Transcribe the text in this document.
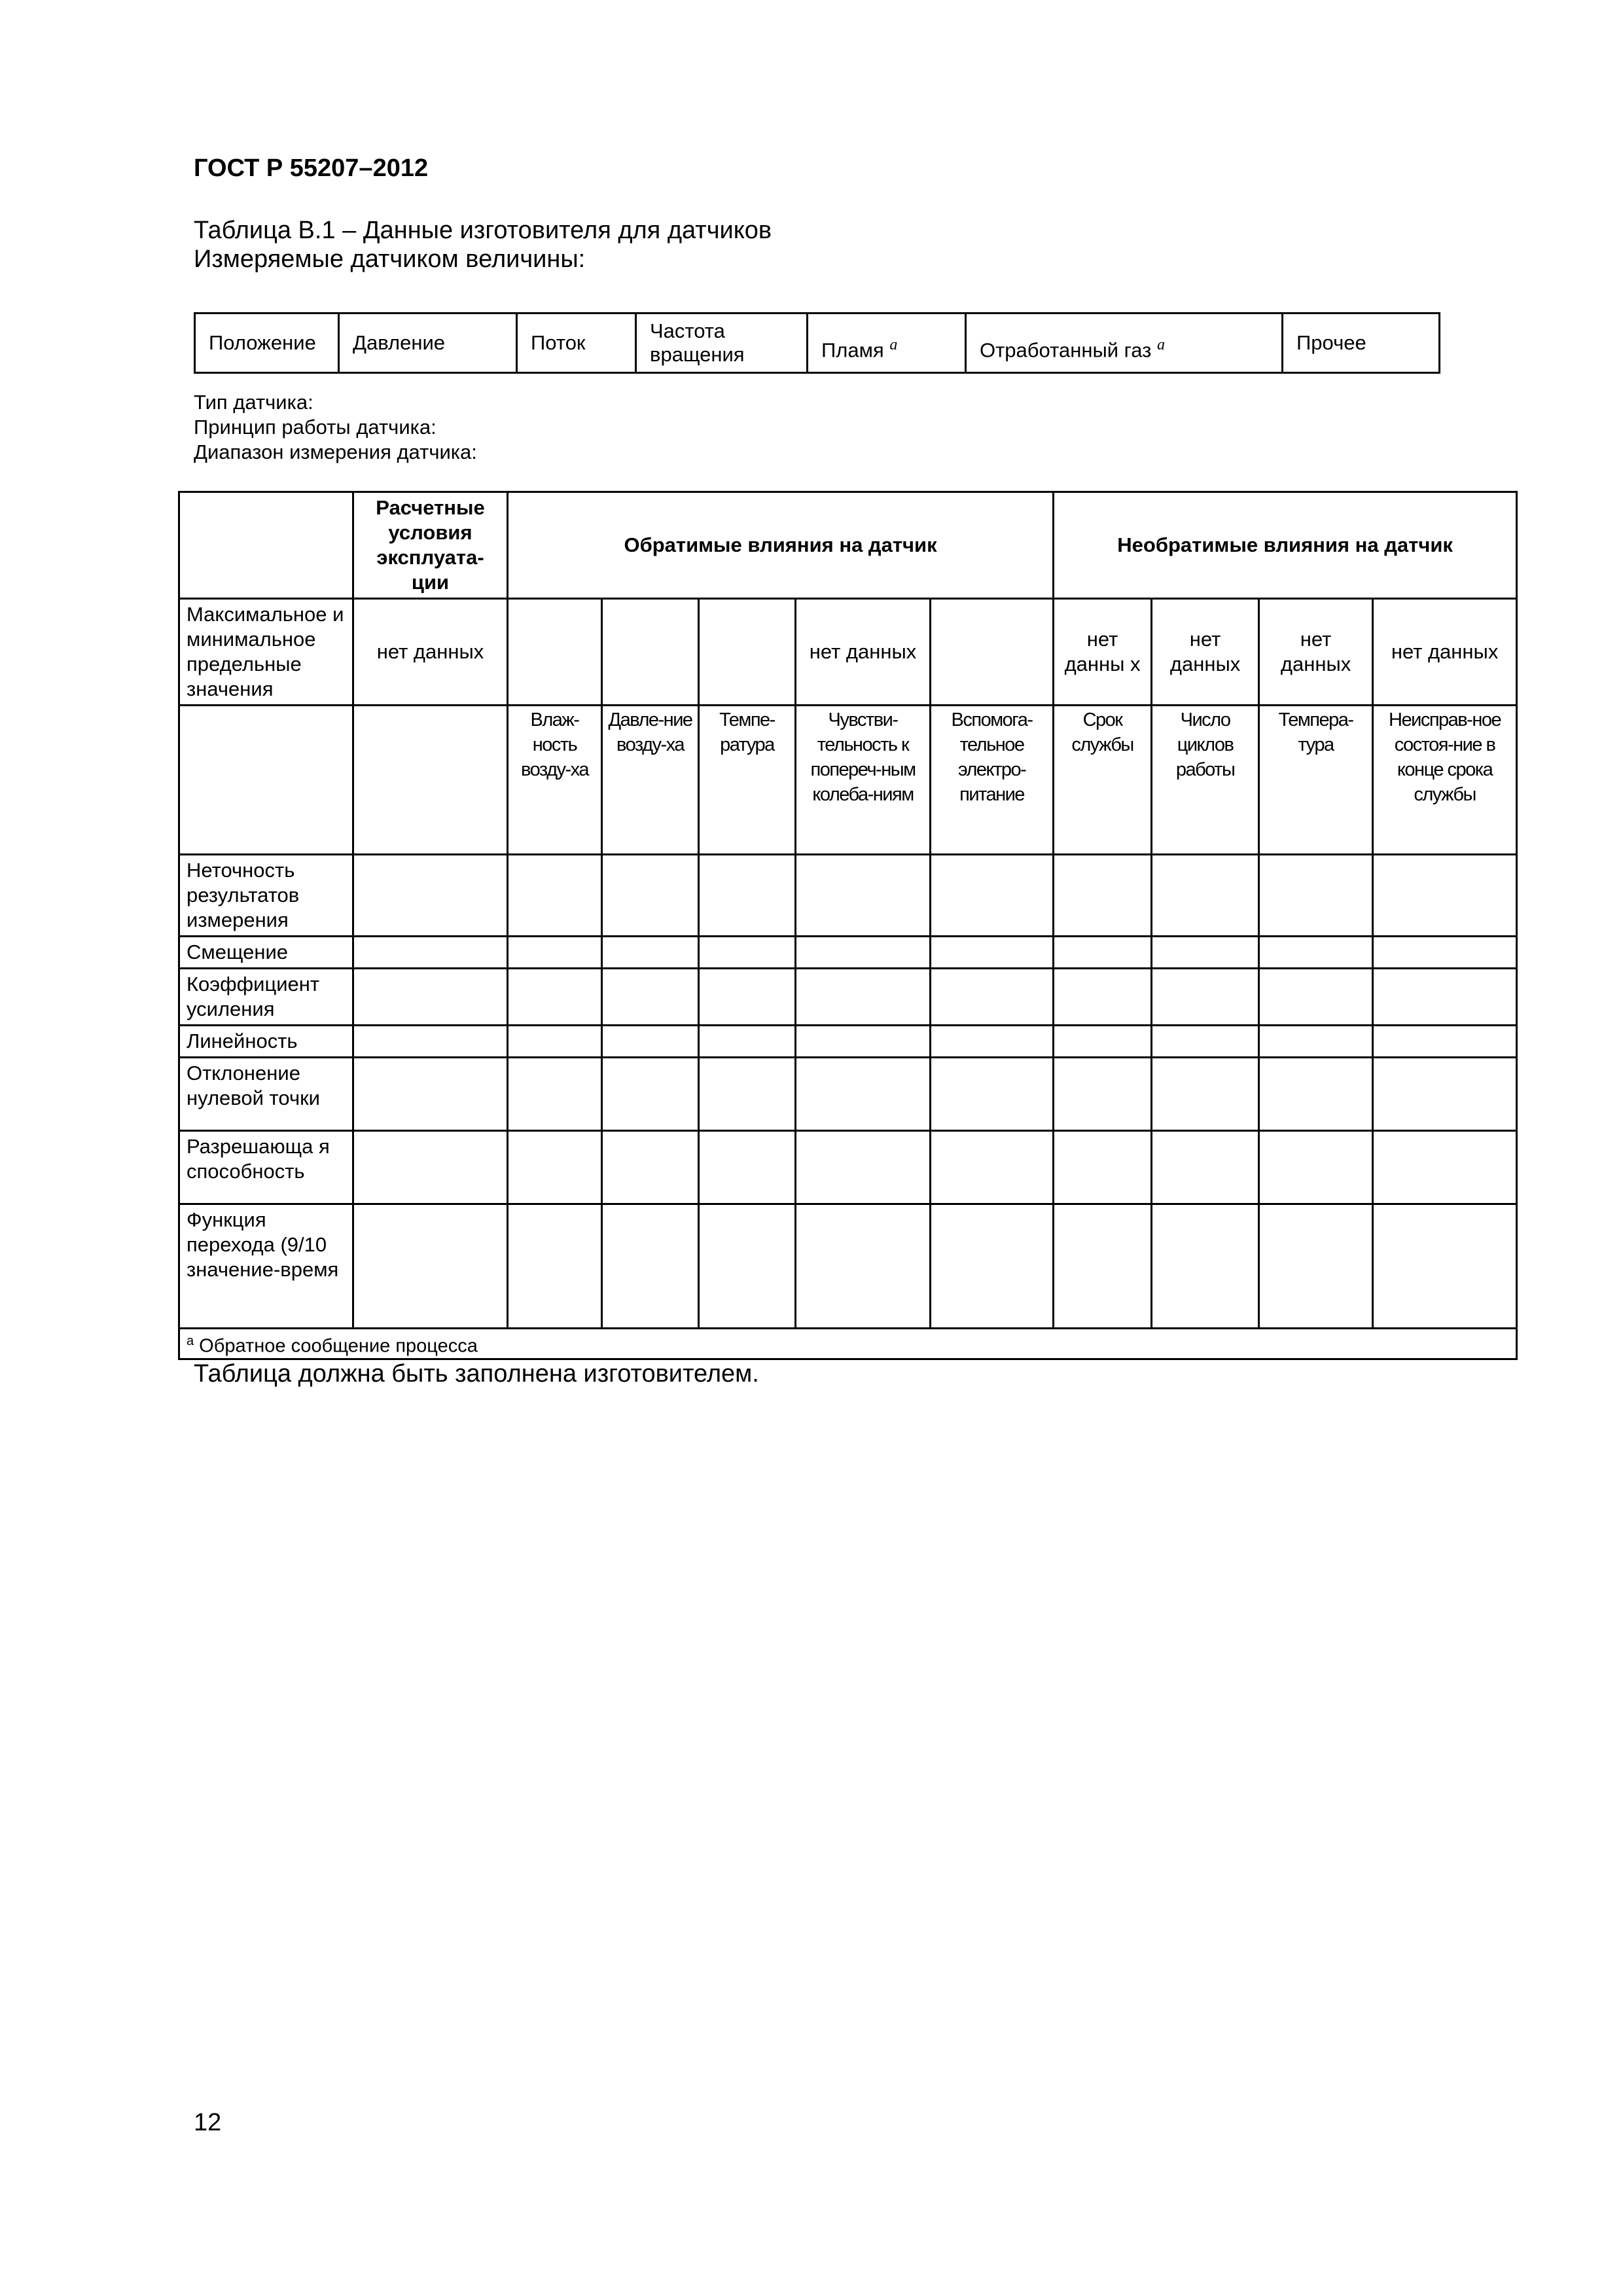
ГОСТ Р 55207–2012
Таблица В.1 – Данные изготовителя для датчиков
Измеряемые датчиком величины:
Положение	Давление	Поток	Частота вращения	Пламя $^a$	Отработанный газ $^a$	Прочее
Тип датчика:
Принцип работы датчика:
Диапазон измерения датчика:
	Расчетные условия эксплуата-ции	Обратимые влияния на датчик					Необратимые влияния на датчик			
Максимальное и минимальное предельные значения	нет данных				нет данных		нет данны х	нет данных	нет данных	нет данных
		Влаж-ность возду-ха	Давле-ние возду-ха	Темпе-ратура	Чувстви-тельность к попереч-ным колеба-ниям	Вспомога-тельное электро-питание	Срок службы	Число циклов работы	Темпера-тура	Неисправ-ное состоя-ние в конце срока службы
Неточность результатов измерения										
Смещение										
Коэффициент усиления										
Линейность										
Отклонение нулевой точки										
Разрешающа я способность										
Функция перехода (9/10 значение-время										
$^a$ Обратное сообщение процесса										
Таблица должна быть заполнена изготовителем.
12
